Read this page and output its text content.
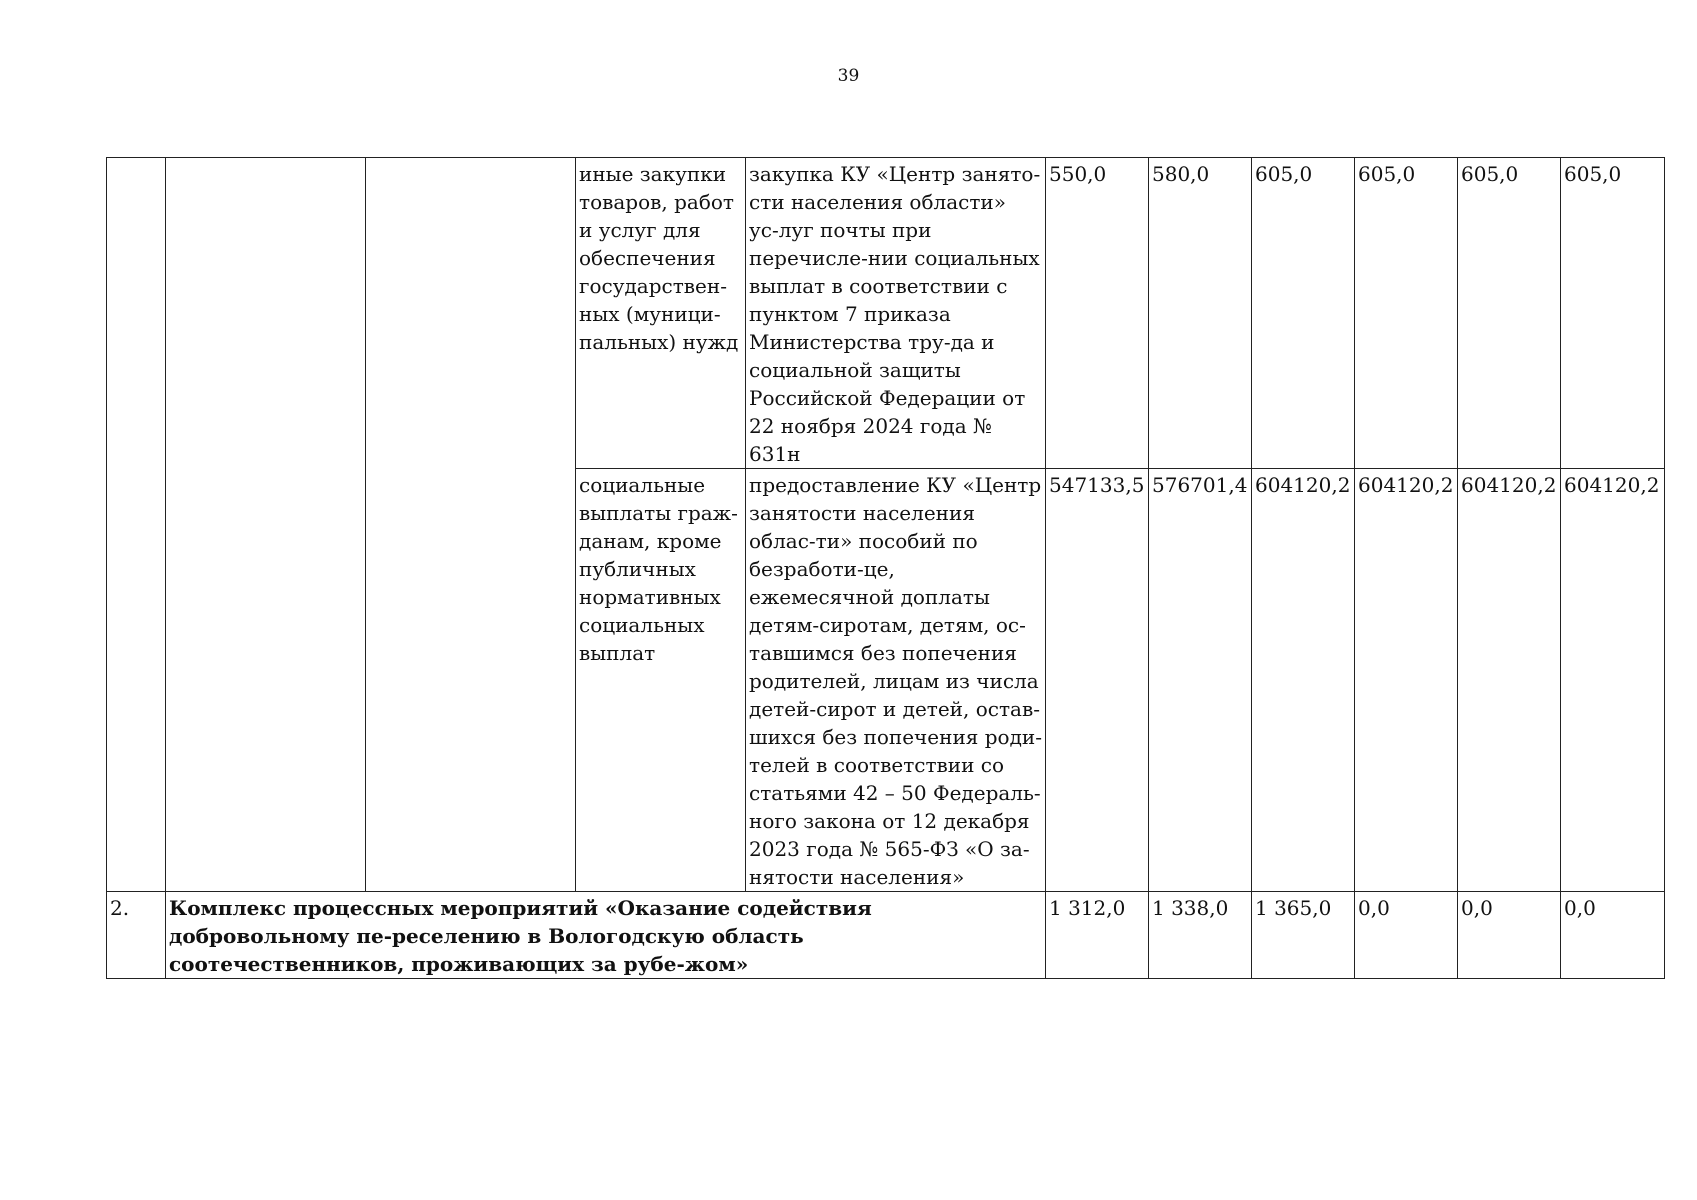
39
			иные закупки товаров, работ и услуг для обеспечения государствен-ных (муници-пальных) нужд	закупка КУ «Центр занято-сти населения области» ус-луг почты при перечисле-нии социальных выплат в соответствии с пунктом 7 приказа Министерства тру-да и социальной защиты Российской Федерации от 22 ноября 2024 года № 631н	550,0	580,0	605,0	605,0	605,0	605,0
			социальные выплаты граж-данам, кроме публичных нормативных социальных выплат	предоставление КУ «Центр занятости населения облас-ти» пособий по безработи-це, ежемесячной доплаты детям-сиротам, детям, ос-тавшимся без попечения родителей, лицам из числа детей-сирот и детей, остав-шихся без попечения роди-телей в соответствии со статьями 42 – 50 Федераль-ного закона от 12 декабря 2023 года № 565-ФЗ «О за-нятости населения»	547133,5	576701,4	604120,2	604120,2	604120,2	604120,2
2.	Комплекс процессных мероприятий «Оказание содействия добровольному пе-реселению в Вологодскую область соотечественников, проживающих за рубе-жом»				1 312,0	1 338,0	1 365,0	0,0	0,0	0,0
